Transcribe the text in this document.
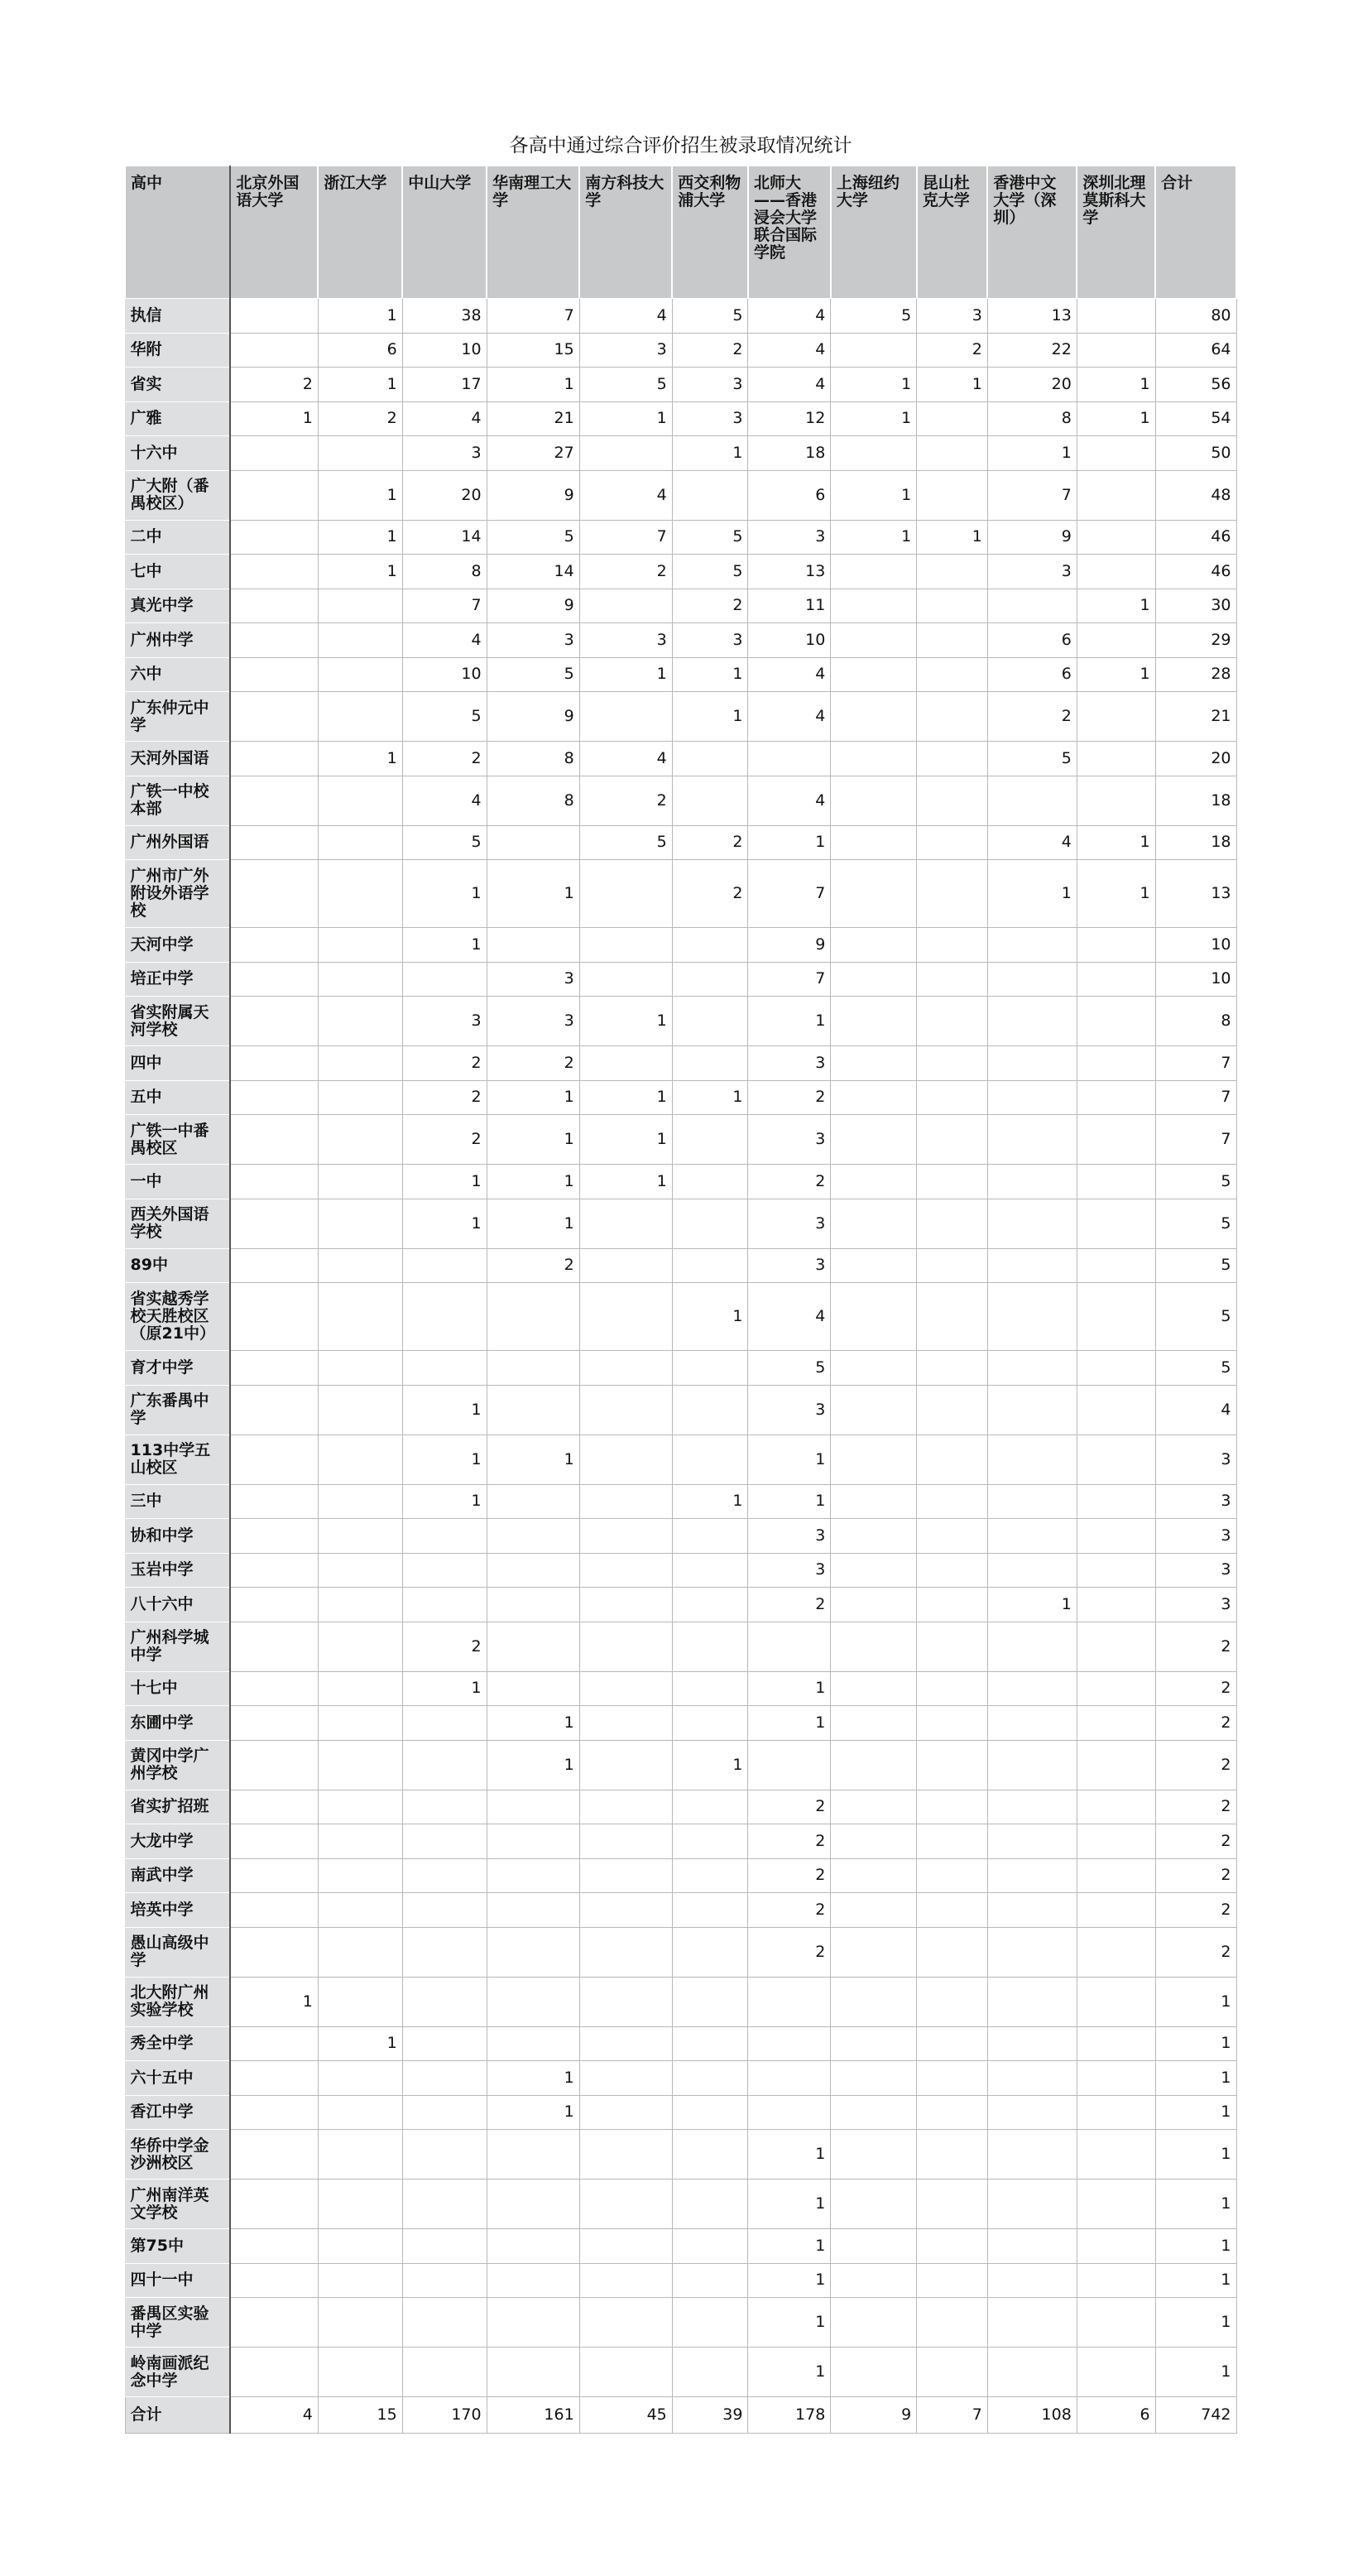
各高中通过综合评价招生被录取情况统计
高中	北京外国语大学	浙江大学	中山大学	华南理工大学	南方科技大学	西交利物浦大学	北师大——香港浸会大学联合国际学院	上海纽约大学	昆山杜克大学	香港中文大学（深圳）	深圳北理莫斯科大学	合计
执信		1	38	7	4	5	4	5	3	13		80
华附		6	10	15	3	2	4		2	22		64
省实	2	1	17	1	5	3	4	1	1	20	1	56
广雅	1	2	4	21	1	3	12	1		8	1	54
十六中			3	27		1	18			1		50
广大附（番禺校区）		1	20	9	4		6	1		7		48
二中		1	14	5	7	5	3	1	1	9		46
七中		1	8	14	2	5	13			3		46
真光中学			7	9		2	11				1	30
广州中学			4	3	3	3	10			6		29
六中			10	5	1	1	4			6	1	28
广东仲元中学			5	9		1	4			2		21
天河外国语		1	2	8	4					5		20
广铁一中校本部			4	8	2		4					18
广州外国语			5		5	2	1			4	1	18
广州市广外附设外语学校			1	1		2	7			1	1	13
天河中学			1				9					10
培正中学				3			7					10
省实附属天河学校			3	3	1		1					8
四中			2	2			3					7
五中			2	1	1	1	2					7
广铁一中番禺校区			2	1	1		3					7
一中			1	1	1		2					5
西关外国语学校			1	1			3					5
89中				2			3					5
省实越秀学校天胜校区（原21中）						1	4					5
育才中学							5					5
广东番禺中学			1				3					4
113中学五山校区			1	1			1					3
三中			1			1	1					3
协和中学							3					3
玉岩中学							3					3
八十六中							2			1		3
广州科学城中学			2									2
十七中			1				1					2
东圃中学				1			1					2
黄冈中学广州学校				1		1						2
省实扩招班							2					2
大龙中学							2					2
南武中学							2					2
培英中学							2					2
愚山高级中学							2					2
北大附广州实验学校	1											1
秀全中学		1										1
六十五中				1								1
香江中学				1								1
华侨中学金沙洲校区							1					1
广州南洋英文学校							1					1
第75中							1					1
四十一中							1					1
番禺区实验中学							1					1
岭南画派纪念中学							1					1
合计	4	15	170	161	45	39	178	9	7	108	6	742
